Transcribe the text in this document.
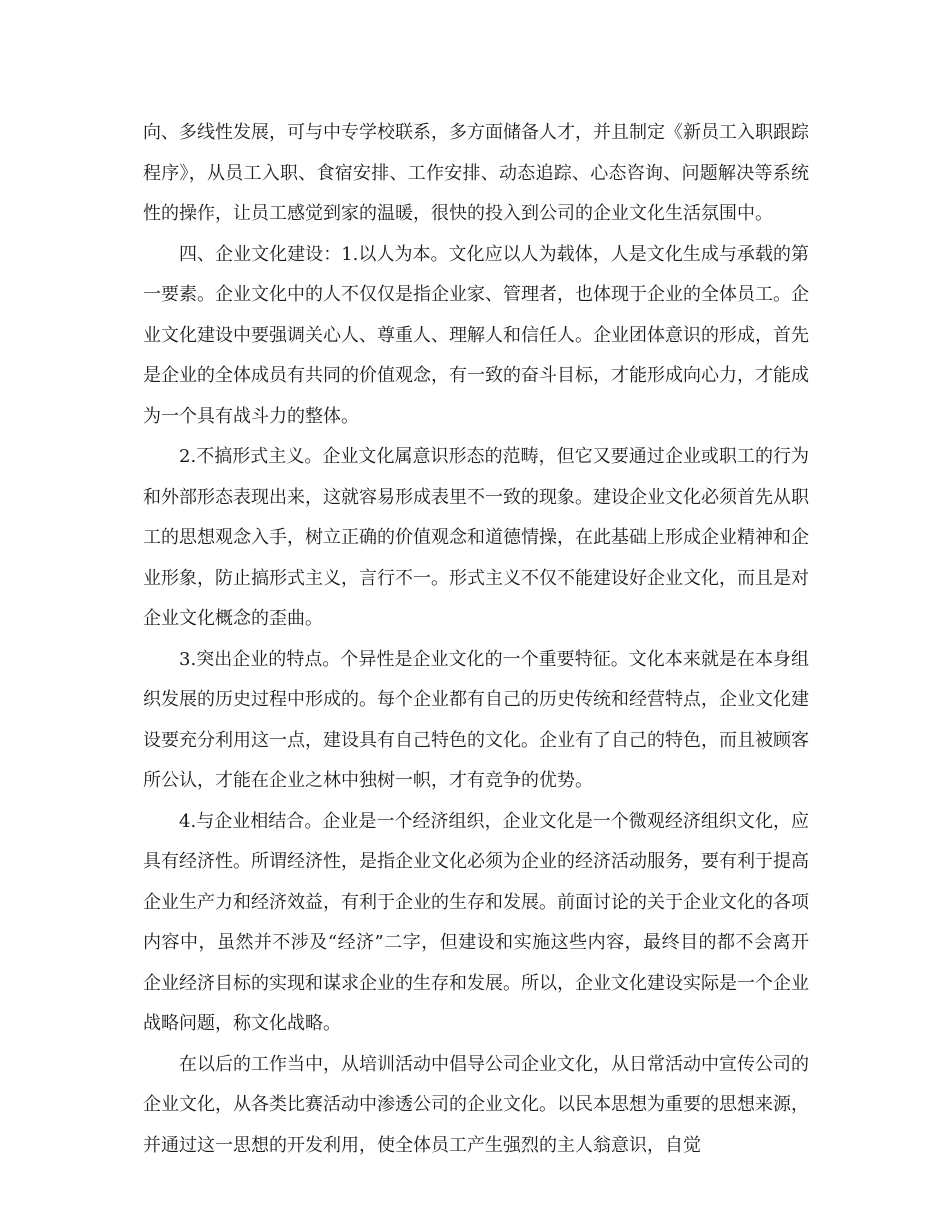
向、多线性发展，可与中专学校联系，多方面储备人才，并且制定《新员工入职跟踪程序》，从员工入职、食宿安排、工作安排、动态追踪、心态咨询、问题解决等系统性的操作，让员工感觉到家的温暖，很快的投入到公司的企业文化生活氛围中。

四、企业文化建设：1.以人为本。文化应以人为载体，人是文化生成与承载的第一要素。企业文化中的人不仅仅是指企业家、管理者，也体现于企业的全体员工。企业文化建设中要强调关心人、尊重人、理解人和信任人。企业团体意识的形成，首先是企业的全体成员有共同的价值观念，有一致的奋斗目标，才能形成向心力，才能成为一个具有战斗力的整体。

2.不搞形式主义。企业文化属意识形态的范畴，但它又要通过企业或职工的行为和外部形态表现出来，这就容易形成表里不一致的现象。建设企业文化必须首先从职工的思想观念入手，树立正确的价值观念和道德情操，在此基础上形成企业精神和企业形象，防止搞形式主义，言行不一。形式主义不仅不能建设好企业文化，而且是对企业文化概念的歪曲。

3.突出企业的特点。个异性是企业文化的一个重要特征。文化本来就是在本身组织发展的历史过程中形成的。每个企业都有自己的历史传统和经营特点，企业文化建设要充分利用这一点，建设具有自己特色的文化。企业有了自己的特色，而且被顾客所公认，才能在企业之林中独树一帜，才有竞争的优势。

4.与企业相结合。企业是一个经济组织，企业文化是一个微观经济组织文化，应具有经济性。所谓经济性，是指企业文化必须为企业的经济活动服务，要有利于提高企业生产力和经济效益，有利于企业的生存和发展。前面讨论的关于企业文化的各项内容中，虽然并不涉及“经济”二字，但建设和实施这些内容，最终目的都不会离开企业经济目标的实现和谋求企业的生存和发展。所以，企业文化建设实际是一个企业战略问题，称文化战略。

在以后的工作当中，从培训活动中倡导公司企业文化，从日常活动中宣传公司的企业文化，从各类比赛活动中渗透公司的企业文化。以民本思想为重要的思想来源，并通过这一思想的开发利用，使全体员工产生强烈的主人翁意识，自觉
